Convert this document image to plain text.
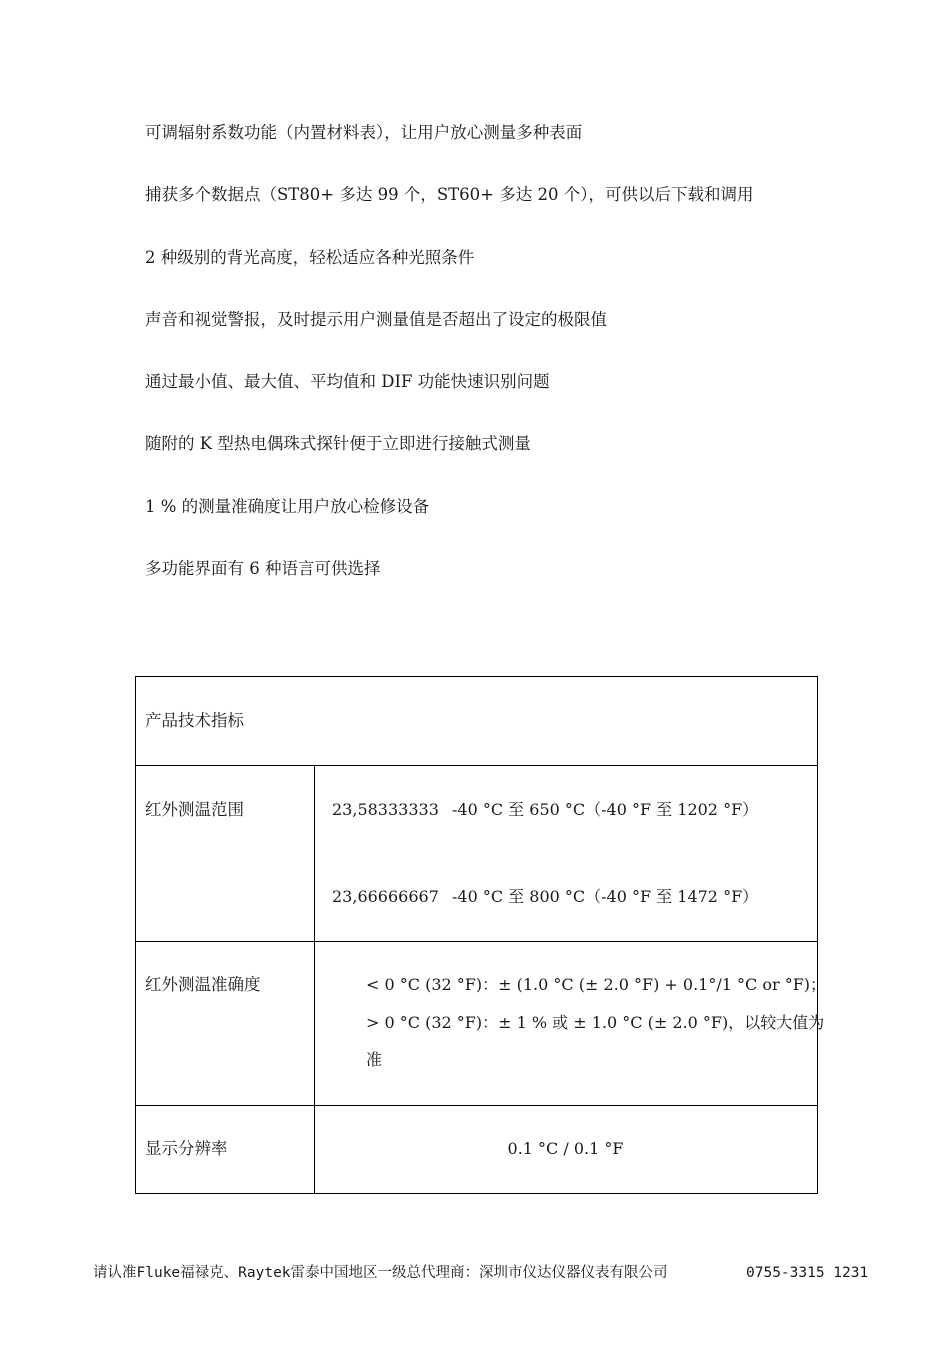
可调辐射系数功能（内置材料表），让用户放心测量多种表面
捕获多个数据点（ST80+ 多达 99 个，ST60+ 多达 20 个），可供以后下载和调用
2 种级别的背光高度，轻松适应各种光照条件
声音和视觉警报，及时提示用户测量值是否超出了设定的极限值
通过最小值、最大值、平均值和 DIF 功能快速识别问题
随附的 K 型热电偶珠式探针便于立即进行接触式测量
1 % 的测量准确度让用户放心检修设备
多功能界面有 6 种语言可供选择
产品技术指标
红外测温范围	23,58333333 -40 °C 至 650 °C（-40 °F 至 1202 °F）
23,66666667 -40 °C 至 800 °C（-40 °F 至 1472 °F）
红外测温准确度	< 0 °C (32 °F)：± (1.0 °C (± 2.0 °F) + 0.1°/1 °C or °F)；
> 0 °C (32 °F)：± 1 % 或 ± 1.0 °C (± 2.0 °F)，以较大值为
准
显示分辨率	0.1 °C / 0.1 °F
请认准Fluke福禄克、Raytek雷泰中国地区一级总代理商：深圳市仪达仪器仪表有限公司	0755-3315 1231
